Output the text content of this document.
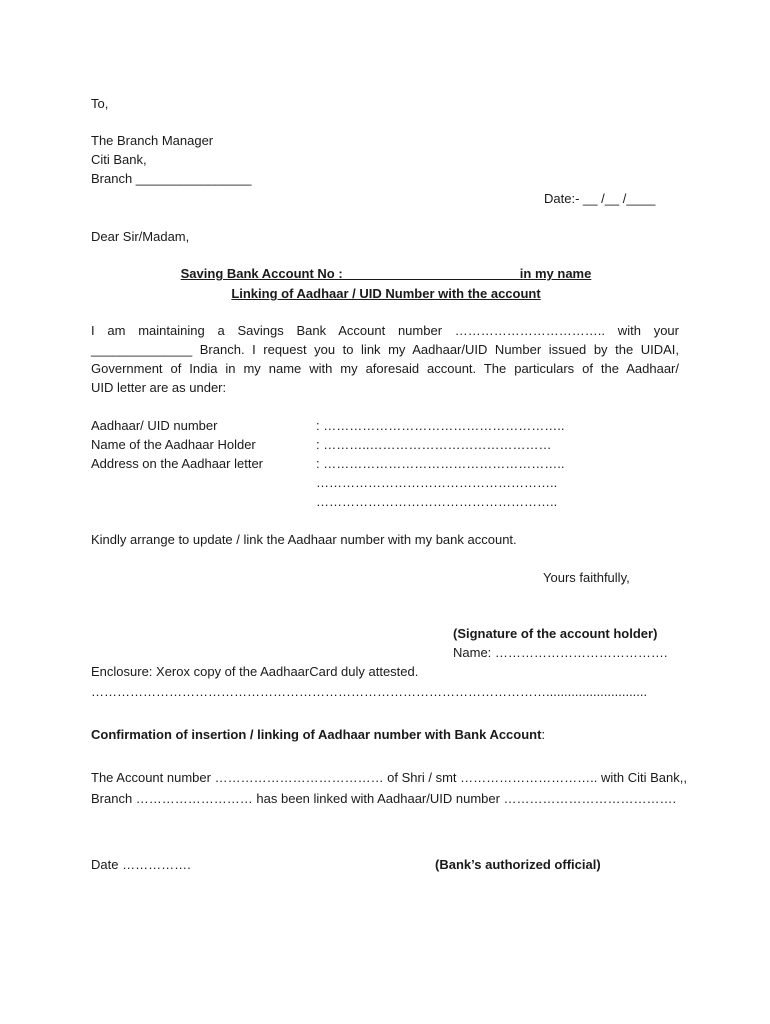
To,
The Branch Manager
Citi Bank,
Branch ________________
Date:- __ /__ /____
Dear Sir/Madam,
Saving Bank Account No : ________________________in my name
Linking of Aadhaar / UID Number with the account
I am maintaining a Savings Bank Account number …………………………….. with your
______________ Branch. I request you to link my Aadhaar/UID Number issued by the UIDAI,
Government of India in my name with my aforesaid account. The particulars of the Aadhaar/
UID letter are as under:
Aadhaar/ UID number	: ………………………………………………..
Name of the Aadhaar Holder	: ………..……………………………………
Address on the Aadhaar letter	: ………………………………………………..
………………………………………………..
………………………………………………..
Kindly arrange to update / link the Aadhaar number with my bank account.
Yours faithfully,
(Signature of the account holder)
Name: ………………………………….
Enclosure: Xerox copy of the AadhaarCard duly attested.
……………………………………………………………………………………………............................
Confirmation of insertion / linking of Aadhaar number with Bank Account:
The Account number ………………………………… of Shri / smt ………………………….. with Citi Bank,,
Branch ……………………… has been linked with Aadhaar/UID number ………………………………….
Date …………….	(Bank’s authorized official)
